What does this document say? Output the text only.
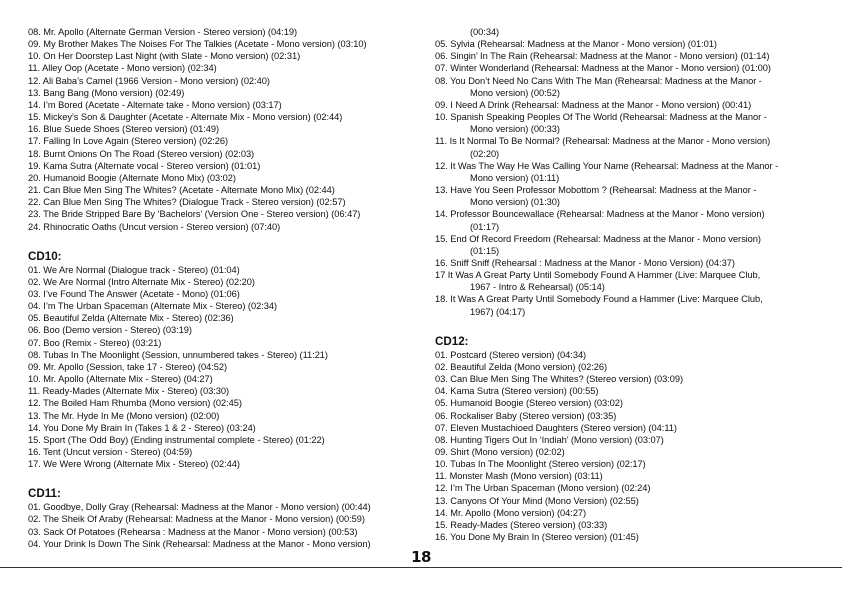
08. Mr. Apollo (Alternate German Version - Stereo version) (04:19)
09. My Brother Makes The Noises For The Talkies (Acetate - Mono version) (03:10)
10. On Her Doorstep Last Night (with Slate - Mono version) (02:31)
11. Alley Oop (Acetate - Mono version) (02:34)
12. Ali Baba’s Camel (1966 Version - Mono version) (02:40)
13. Bang Bang (Mono version) (02:49)
14. I’m Bored (Acetate - Alternate take - Mono version) (03:17)
15. Mickey’s Son & Daughter (Acetate - Alternate Mix - Mono version) (02:44)
16. Blue Suede Shoes (Stereo version) (01:49)
17. Falling In Love Again (Stereo version) (02:26)
18. Burnt Onions On The Road (Stereo version) (02:03)
19. Kama Sutra (Alternate vocal - Stereo version) (01:01)
20. Humanoid Boogie (Alternate Mono Mix) (03:02)
21. Can Blue Men Sing The Whites? (Acetate - Alternate Mono Mix) (02:44)
22. Can Blue Men Sing The Whites? (Dialogue Track - Stereo version) (02:57)
23. The Bride Stripped Bare By ‘Bachelors’ (Version One - Stereo version) (06:47)
24. Rhinocratic Oaths (Uncut version - Stereo version) (07:40)
CD10:
01. We Are Normal (Dialogue track - Stereo) (01:04)
02. We Are Normal (Intro Alternate Mix - Stereo) (02:20)
03. I’ve Found The Answer (Acetate - Mono) (01:06)
04. I’m The Urban Spaceman (Alternate Mix - Stereo) (02:34)
05. Beautiful Zelda (Alternate Mix - Stereo) (02:36)
06. Boo (Demo version - Stereo) (03:19)
07. Boo (Remix - Stereo) (03:21)
08. Tubas In The Moonlight (Session, unnumbered takes - Stereo) (11:21)
09. Mr. Apollo (Session, take 17 - Stereo) (04:52)
10. Mr. Apollo (Alternate Mix - Stereo) (04:27)
11. Ready-Mades (Alternate Mix - Stereo) (03:30)
12. The Boiled Ham Rhumba (Mono version) (02:45)
13. The Mr. Hyde In Me (Mono version) (02:00)
14. You Done My Brain In (Takes 1 & 2 - Stereo) (03:24)
15. Sport (The Odd Boy) (Ending instrumental complete - Stereo) (01:22)
16. Tent (Uncut version - Stereo) (04:59)
17. We Were Wrong (Alternate Mix - Stereo) (02:44)
CD11:
01. Goodbye, Dolly Gray (Rehearsal: Madness at the Manor - Mono version) (00:44)
02. The Sheik Of Araby (Rehearsal: Madness at the Manor - Mono version) (00:59)
03. Sack Of Potatoes (Rehearsa : Madness at the Manor - Mono version) (00:53)
04. Your Drink Is Down The Sink (Rehearsal: Madness at the Manor - Mono version)
(00:34)
05. Sylvia (Rehearsal: Madness at the Manor - Mono version) (01:01)
06. Singin’ In The Rain (Rehearsal: Madness at the Manor - Mono version) (01:14)
07. Winter Wonderland (Rehearsal: Madness at the Manor - Mono version) (01:00)
08. You Don’t Need No Cans With The Man (Rehearsal: Madness at the Manor -
Mono version) (00:52)
09. I Need A Drink (Rehearsal: Madness at the Manor - Mono version) (00:41)
10. Spanish Speaking Peoples Of The World (Rehearsal: Madness at the Manor -
Mono version) (00:33)
11. Is It Normal To Be Normal? (Rehearsal: Madness at the Manor - Mono version)
(02:20)
12. It Was The Way He Was Calling Your Name (Rehearsal: Madness at the Manor -
Mono version) (01:11)
13. Have You Seen Professor Mobottom ? (Rehearsal: Madness at the Manor -
Mono version) (01:30)
14. Professor Bouncewallace (Rehearsal: Madness at the Manor - Mono version)
(01:17)
15. End Of Record Freedom (Rehearsal: Madness at the Manor - Mono version)
(01:15)
16. Sniff Sniff (Rehearsal : Madness at the Manor - Mono Version) (04:37)
17 It Was A Great Party Until Somebody Found A Hammer (Live: Marquee Club,
1967 - Intro & Rehearsal) (05:14)
18. It Was A Great Party Until Somebody Found a Hammer (Live: Marquee Club,
1967) (04:17)
CD12:
01. Postcard (Stereo version) (04:34)
02. Beautiful Zelda (Mono version) (02:26)
03. Can Blue Men Sing The Whites? (Stereo version) (03:09)
04. Kama Sutra (Stereo version) (00:55)
05. Humanoid Boogie (Stereo version) (03:02)
06. Rockaliser Baby (Stereo version) (03:35)
07. Eleven Mustachioed Daughters (Stereo version) (04:11)
08. Hunting Tigers Out In ‘Indiah’ (Mono version) (03:07)
09. Shirt (Mono version) (02:02)
10. Tubas In The Moonlight (Stereo version) (02:17)
11. Monster Mash (Mono version) (03:11)
12. I’m The Urban Spaceman (Mono version) (02:24)
13. Canyons Of Your Mind (Mono Version) (02:55)
14. Mr. Apollo (Mono version) (04:27)
15. Ready-Mades (Stereo version) (03:33)
16. You Done My Brain In (Stereo version) (01:45)
18
